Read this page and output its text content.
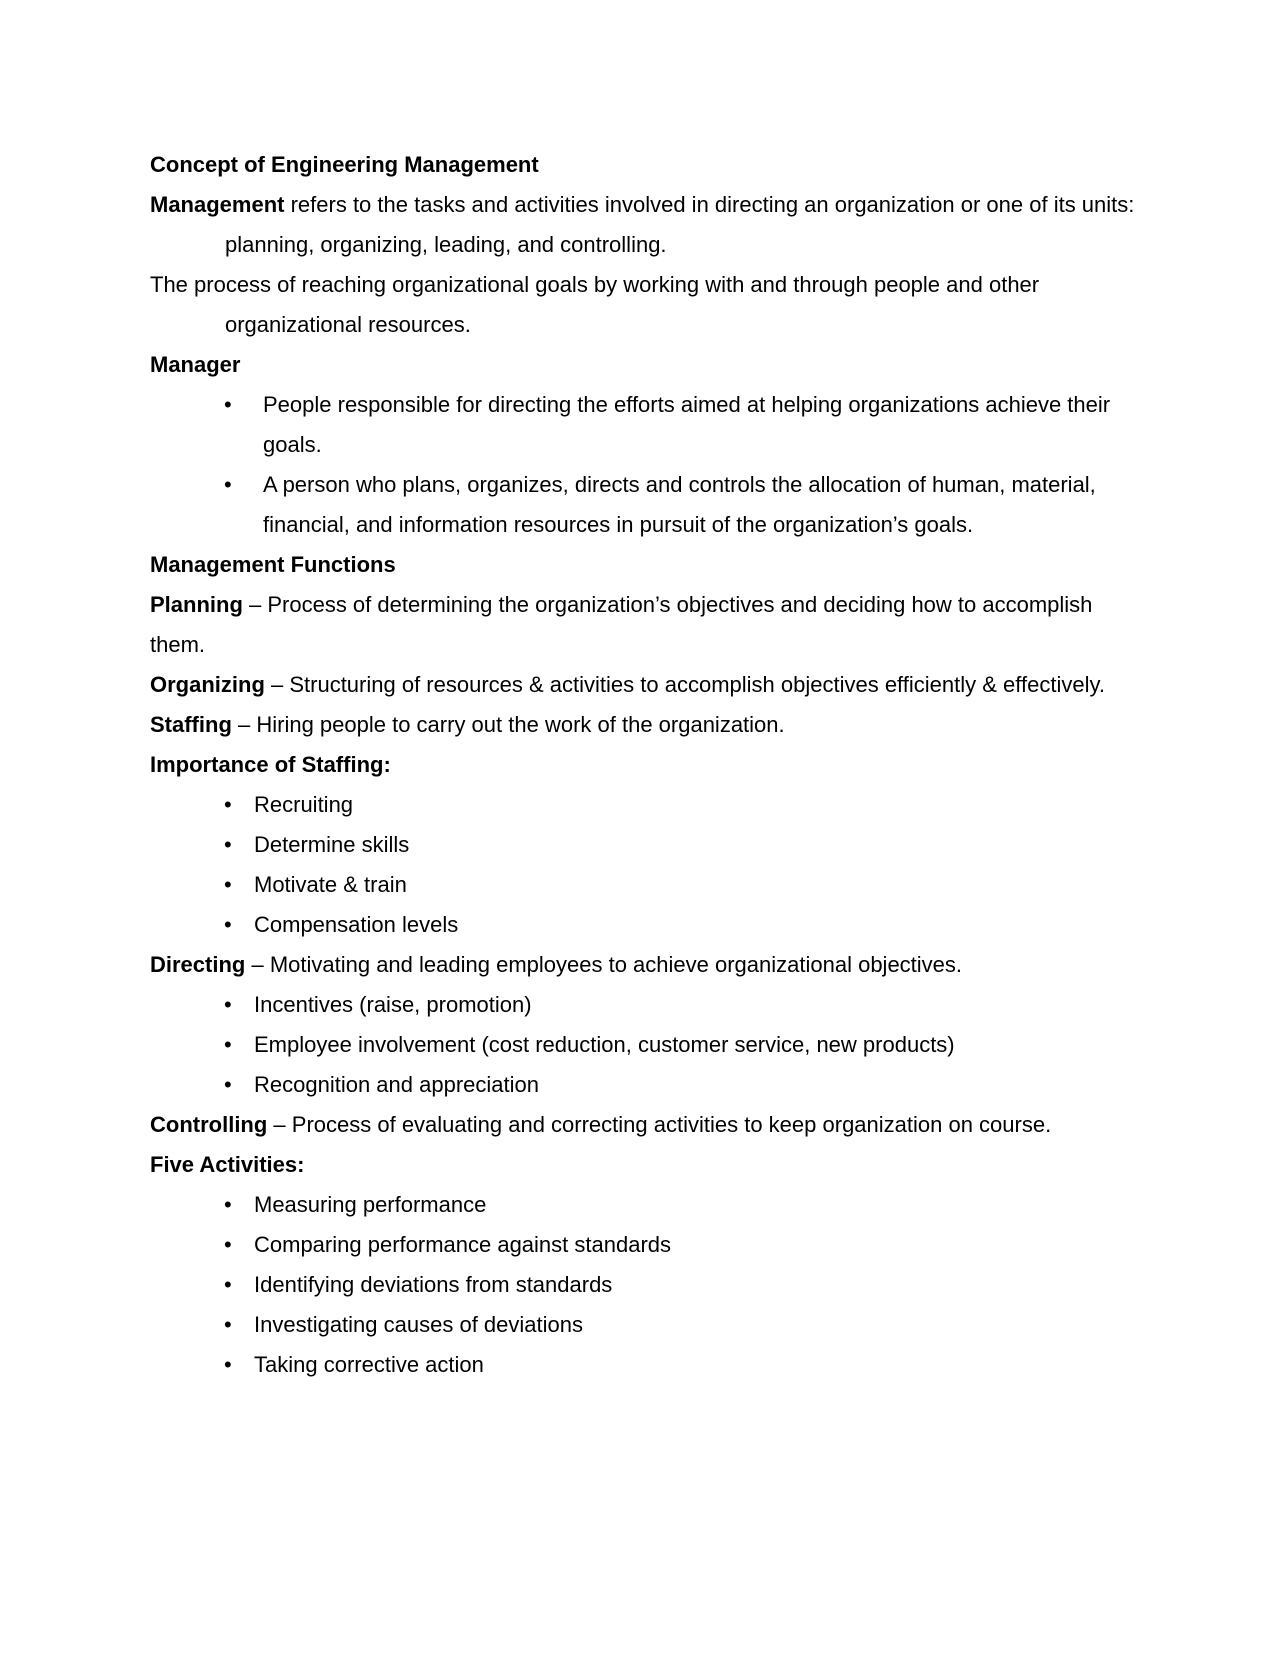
Concept of Engineering Management

Management refers to the tasks and activities involved in directing an organization or one of its units: planning, organizing, leading, and controlling.

The process of reaching organizational goals by working with and through people and other organizational resources.

Manager

• People responsible for directing the efforts aimed at helping organizations achieve their goals.
• A person who plans, organizes, directs and controls the allocation of human, material, financial, and information resources in pursuit of the organization’s goals.

Management Functions

Planning – Process of determining the organization’s objectives and deciding how to accomplish them.

Organizing – Structuring of resources & activities to accomplish objectives efficiently & effectively.

Staffing – Hiring people to carry out the work of the organization.

Importance of Staffing:

• Recruiting
• Determine skills
• Motivate & train
• Compensation levels

Directing – Motivating and leading employees to achieve organizational objectives.

• Incentives (raise, promotion)
• Employee involvement (cost reduction, customer service, new products)
• Recognition and appreciation

Controlling – Process of evaluating and correcting activities to keep organization on course.

Five Activities:

• Measuring performance
• Comparing performance against standards
• Identifying deviations from standards
• Investigating causes of deviations
• Taking corrective action
